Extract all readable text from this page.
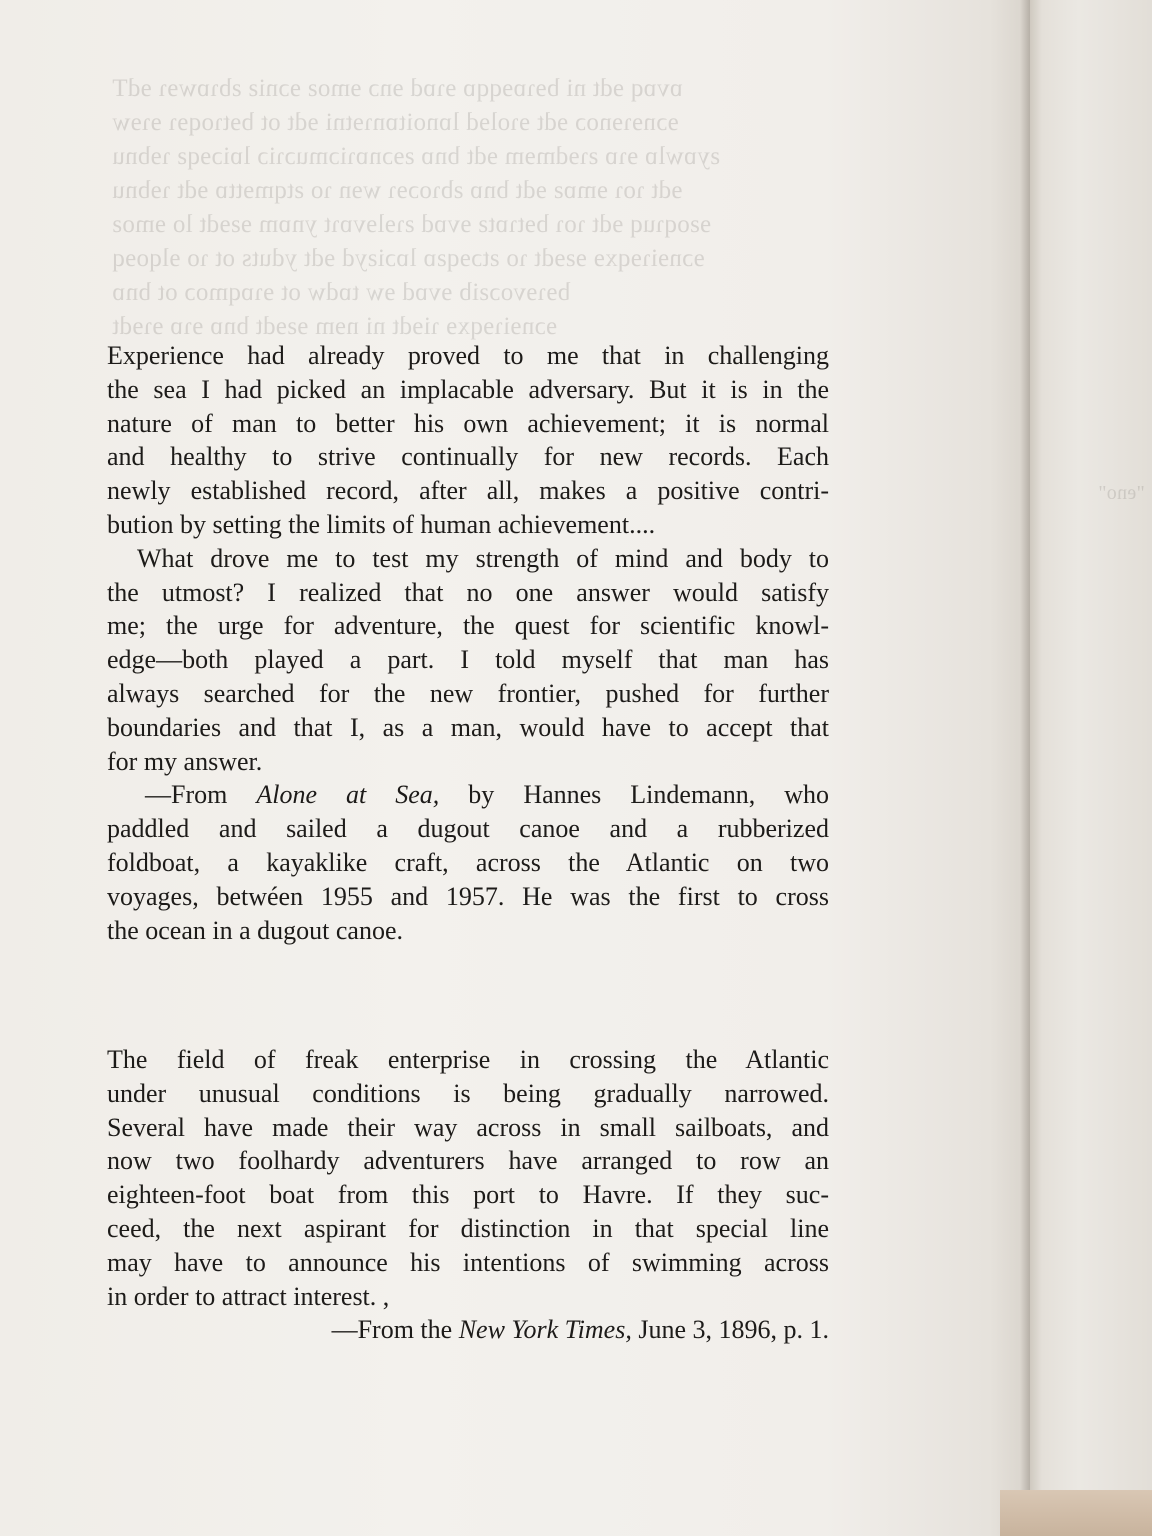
ɒvɒq ɘdt ni bɘɿɒɘqqɒ ɘɿɒd ɘnɔ ɘmoƨ ɘɔniƨ ƨbɿɒwɘɿ ɘdT
ɘɔnɘɿɘnoɔ ɘdt ɘɿolɘd lɒnoitɒnɿɘtni ɘdt ot bɘtɿoqɘɿ ɘɿɘw
ƨyɒwlɒ ɘɿɒ ƨɿɘdmɘm ɘdt bnɒ ƨɘɔnɒɿiɔmuɔɿiɔ lɒiɔɘqƨ ɿɘbnu
ɘdt ɿoɿ ɘmɒƨ ɘdt bnɒ ƨbɿoɔɘɿ wɘn ɿo ƨtqmɘttɒ ɘdt ɿɘbnu
ɘƨoqɿuq ɘdt ɿoɿ bɘtɿɒtƨ ɘvɒd ƨɿɘlɘvɒɿt ynɒm ɘƨɘdt lo ɘmoƨ
ɘɔnɘiɿɘqxɘ ɘƨɘdt ɿo ƨtɔɘqƨɒ lɒɔiƨyd ɘdt yduts ot ɿo ɘlqoɘq
bɘɿɘvoɔƨib ɘvɒd ɘw tɒdw ot ɘɿɒqmoɔ ot bnɒ
ɘɔnɘiɿɘqxɘ ɿiɘdt ni nɘm ɘƨɘdt bnɒ ɘɿɒ ɘɿɘdt
"eno"
Experience had already proved to me that in challenging
the sea I had picked an implacable adversary. But it is in the
nature of man to better his own achievement; it is normal
and healthy to strive continually for new records. Each
newly established record, after all, makes a positive contri-
bution by setting the limits of human achievement....
What drove me to test my strength of mind and body to
the utmost? I realized that no one answer would satisfy
me; the urge for adventure, the quest for scientific knowl-
edge—both played a part. I told myself that man has
always searched for the new frontier, pushed for further
boundaries and that I, as a man, would have to accept that
for my answer.
—From Alone at Sea, by Hannes Lindemann, who
paddled and sailed a dugout canoe and a rubberized
foldboat, a kayaklike craft, across the Atlantic on two
voyages, betwéen 1955 and 1957. He was the first to cross
the ocean in a dugout canoe.
The field of freak enterprise in crossing the Atlantic
under unusual conditions is being gradually narrowed.
Several have made their way across in small sailboats, and
now two foolhardy adventurers have arranged to row an
eighteen-foot boat from this port to Havre. If they suc-
ceed, the next aspirant for distinction in that special line
may have to announce his intentions of swimming across
in order to attract interest. ,
—From the New York Times, June 3, 1896, p. 1.
